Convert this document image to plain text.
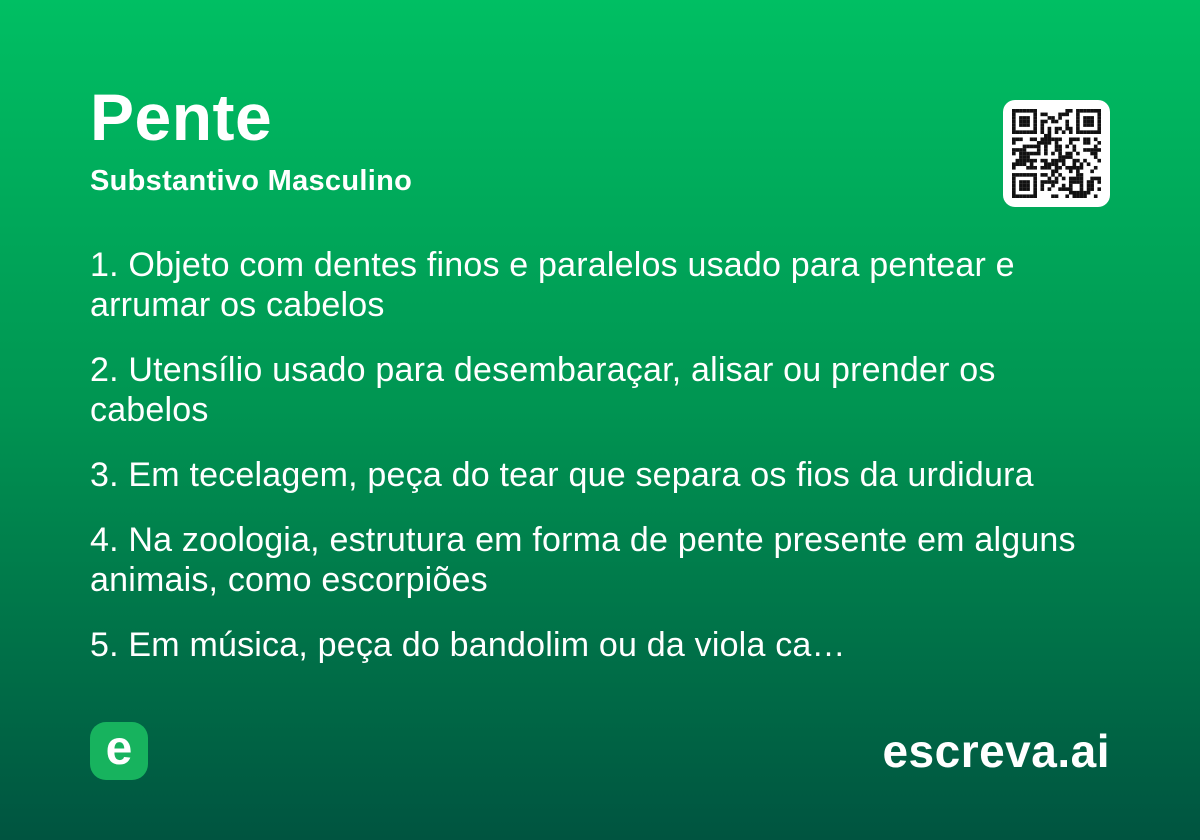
Pente
Substantivo Masculino

1. Objeto com dentes finos e paralelos usado para pentear e arrumar os cabelos

2. Utensílio usado para desembaraçar, alisar ou prender os cabelos

3. Em tecelagem, peça do tear que separa os fios da urdidura

4. Na zoologia, estrutura em forma de pente presente em alguns animais, como escorpiões

5. Em música, peça do bandolim ou da viola ca…

e	escreva.ai
